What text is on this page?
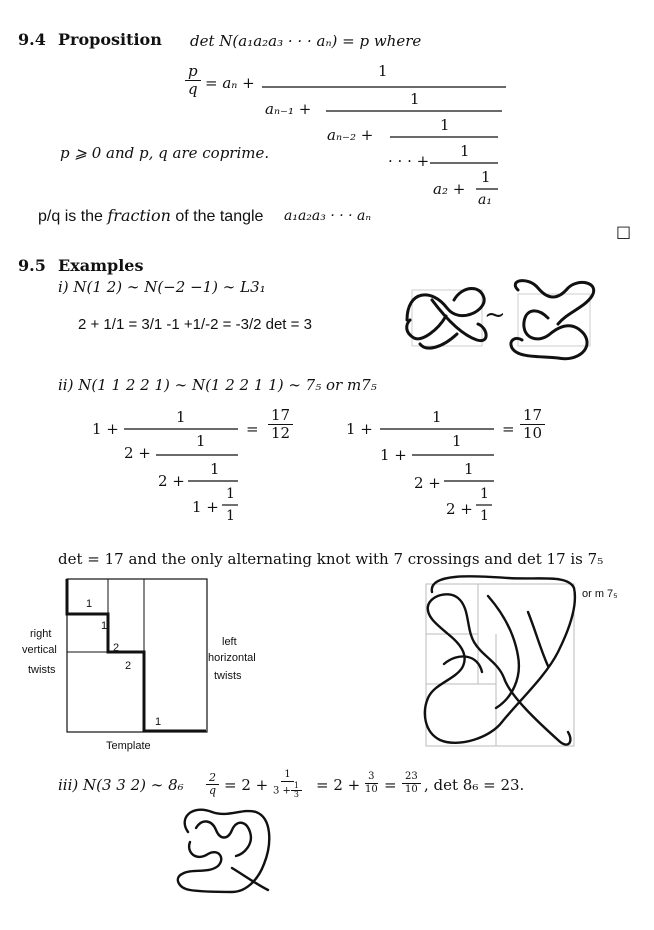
9.4 Proposition det N(a₁a₂a₃ · · · aₙ) = p where
$\frac{p}{q} = a_n$ +
1
aₙ₋₁ +
1
aₙ₋₂ +
1
· · · +
1
a₂ +
1
a₁
p ⩾ 0 and p, q are coprime.
p/q is the fraction of the tangle a₁a₂a₃ · · · aₙ
□
9.5 Examples
i) N(1 2) ∼ N(−2 −1) ∼ L3₁
2 + 1/1 = 3/1 -1 +1/-2 = -3/2 det = 3	~
ii) N(1 1 2 2 1) ∼ N(1 2 2 1 1) ∼ 7₅ or m7₅
1 +
1
2 +
1
2 +
1
1 +
1
1
= $\frac{17}{12}$	1 +
1
1 +
1
2 +
1
2 +
1
1
= $\frac{17}{10}$
det = 17 and the only alternating knot with 7 crossings and det 17 is 7₅
1
1
2
2
1
right
vertical
twists
left
horizontal
twists
Template
or m 7₅
iii) N(3 3 2) ∼ $8_6 \frac{2}{q} = 2 + \frac{1}{3 + \frac{1}{3}} = 2 + \frac{3}{10} = \frac{23}{10}$ , det 8₆ = 23.
